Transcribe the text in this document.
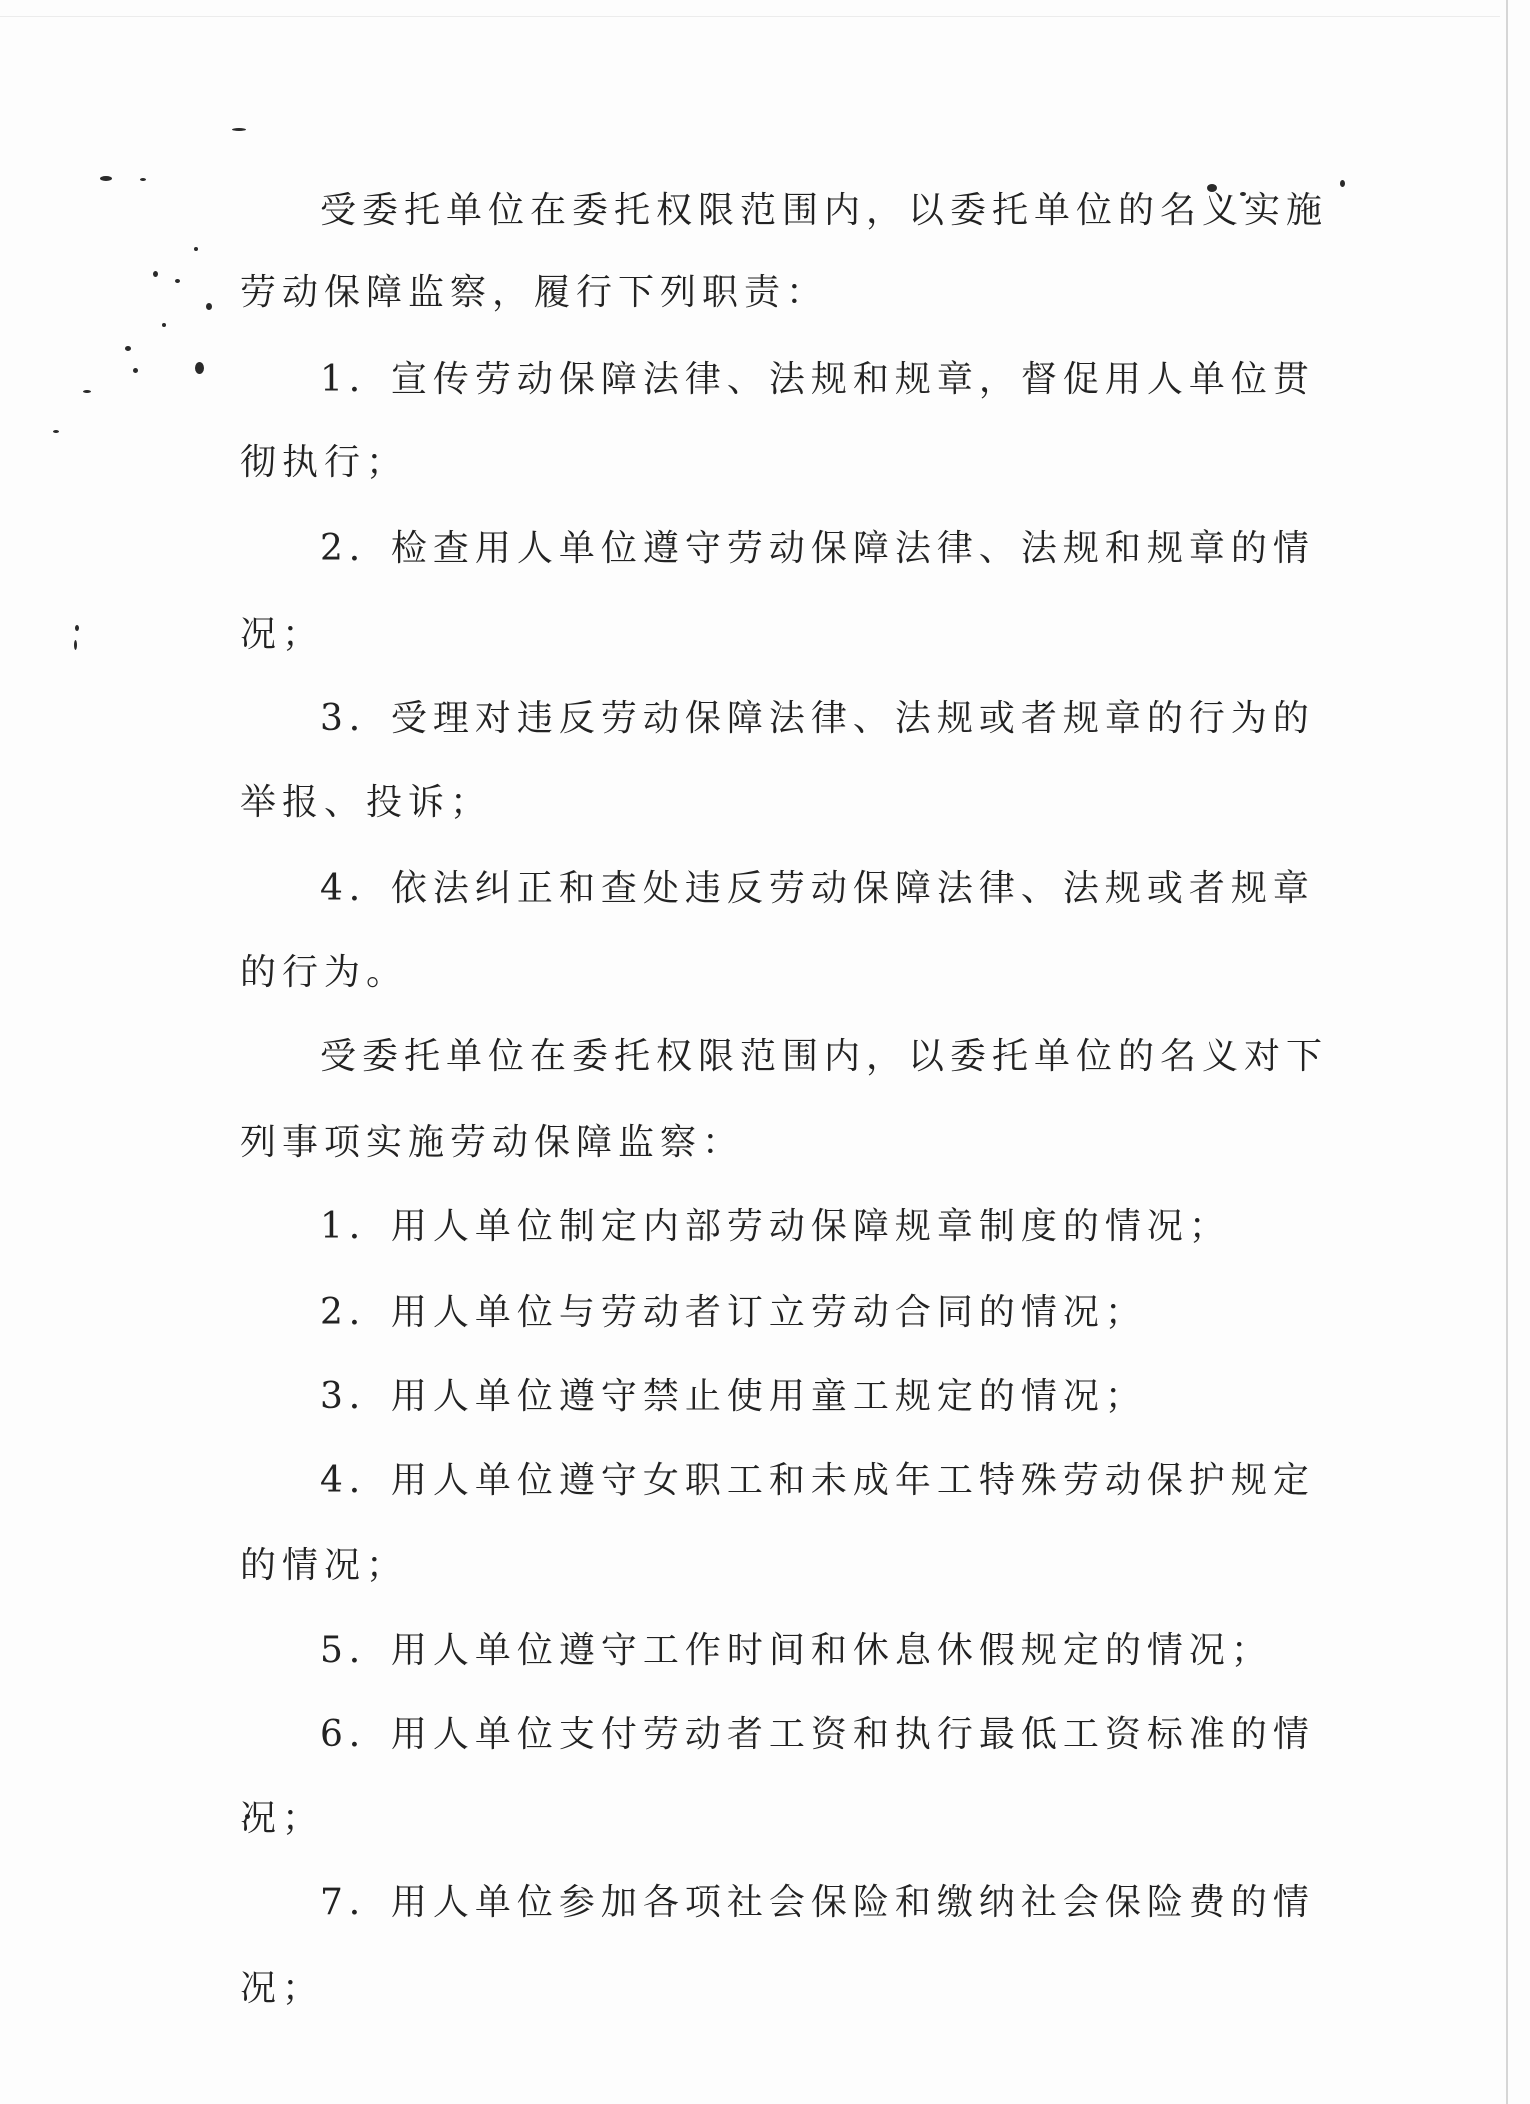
受委托单位在委托权限范围内，以委托单位的名义实施
劳动保障监察，履行下列职责：
1．宣传劳动保障法律、法规和规章，督促用人单位贯
彻执行；
2．检查用人单位遵守劳动保障法律、法规和规章的情
况；
3．受理对违反劳动保障法律、法规或者规章的行为的
举报、投诉；
4．依法纠正和查处违反劳动保障法律、法规或者规章
的行为。
受委托单位在委托权限范围内，以委托单位的名义对下
列事项实施劳动保障监察：
1．用人单位制定内部劳动保障规章制度的情况；
2．用人单位与劳动者订立劳动合同的情况；
3．用人单位遵守禁止使用童工规定的情况；
4．用人单位遵守女职工和未成年工特殊劳动保护规定
的情况；
5．用人单位遵守工作时间和休息休假规定的情况；
6．用人单位支付劳动者工资和执行最低工资标准的情
况；
7．用人单位参加各项社会保险和缴纳社会保险费的情
况；
